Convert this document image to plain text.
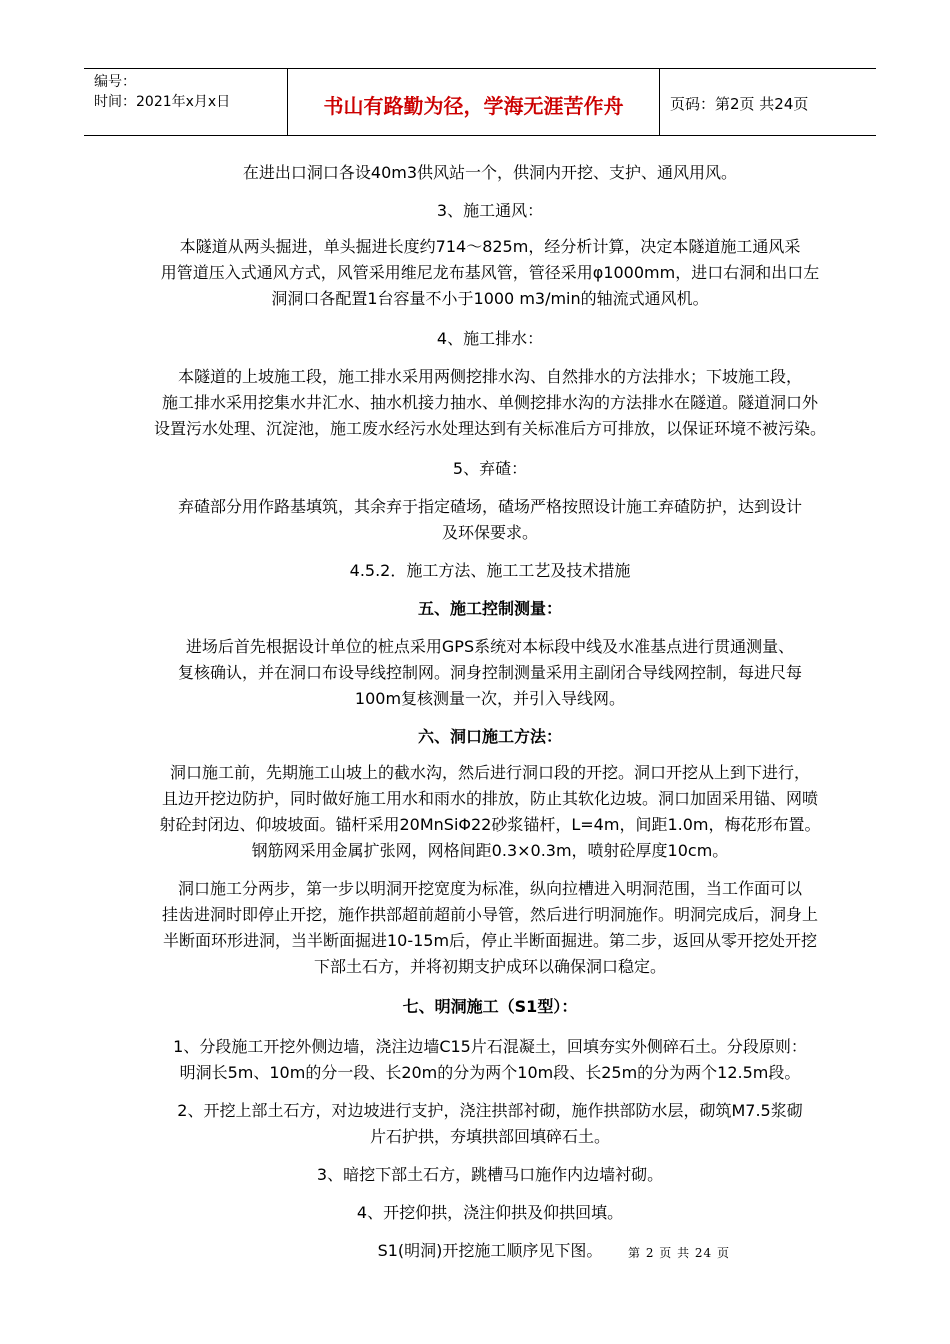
编号：
时间：2021年x月x日	书山有路勤为径，学海无涯苦作舟	页码：第2页 共24页

在进出口洞口各设40m3供风站一个，供洞内开挖、支护、通风用风。

3、施工通风：

本隧道从两头掘进，单头掘进长度约714～825m，经分析计算，决定本隧道施工通风采
用管道压入式通风方式，风管采用维尼龙布基风管，管径采用φ1000mm，进口右洞和出口左
洞洞口各配置1台容量不小于1000 m3/min的轴流式通风机。

4、施工排水：

本隧道的上坡施工段，施工排水采用两侧挖排水沟、自然排水的方法排水；下坡施工段，
施工排水采用挖集水井汇水、抽水机接力抽水、单侧挖排水沟的方法排水在隧道。隧道洞口外
设置污水处理、沉淀池，施工废水经污水处理达到有关标准后方可排放，以保证环境不被污染。

5、弃碴：

弃碴部分用作路基填筑，其余弃于指定碴场，碴场严格按照设计施工弃碴防护，达到设计
及环保要求。

4.5.2．施工方法、施工工艺及技术措施

五、施工控制测量：

进场后首先根据设计单位的桩点采用GPS系统对本标段中线及水准基点进行贯通测量、
复核确认，并在洞口布设导线控制网。洞身控制测量采用主副闭合导线网控制，每进尺每
100m复核测量一次，并引入导线网。

六、洞口施工方法：

洞口施工前，先期施工山坡上的截水沟，然后进行洞口段的开挖。洞口开挖从上到下进行，
且边开挖边防护，同时做好施工用水和雨水的排放，防止其软化边坡。洞口加固采用锚、网喷
射砼封闭边、仰坡坡面。锚杆采用20MnSiΦ22砂浆锚杆，L=4m，间距1.0m，梅花形布置。
钢筋网采用金属扩张网，网格间距0.3×0.3m，喷射砼厚度10cm。

洞口施工分两步，第一步以明洞开挖宽度为标准，纵向拉槽进入明洞范围，当工作面可以
挂齿进洞时即停止开挖，施作拱部超前超前小导管，然后进行明洞施作。明洞完成后，洞身上
半断面环形进洞，当半断面掘进10-15m后，停止半断面掘进。第二步，返回从零开挖处开挖
下部土石方，并将初期支护成环以确保洞口稳定。

七、明洞施工（S1型）：

1、分段施工开挖外侧边墙，浇注边墙C15片石混凝土，回填夯实外侧碎石土。分段原则：
明洞长5m、10m的分一段、长20m的分为两个10m段、长25m的分为两个12.5m段。

2、开挖上部土石方，对边坡进行支护，浇注拱部衬砌，施作拱部防水层，砌筑M7.5浆砌
片石护拱，夯填拱部回填碎石土。

3、暗挖下部土石方，跳槽马口施作内边墙衬砌。

4、开挖仰拱，浇注仰拱及仰拱回填。

S1(明洞)开挖施工顺序见下图。	第 2 页 共 24 页
